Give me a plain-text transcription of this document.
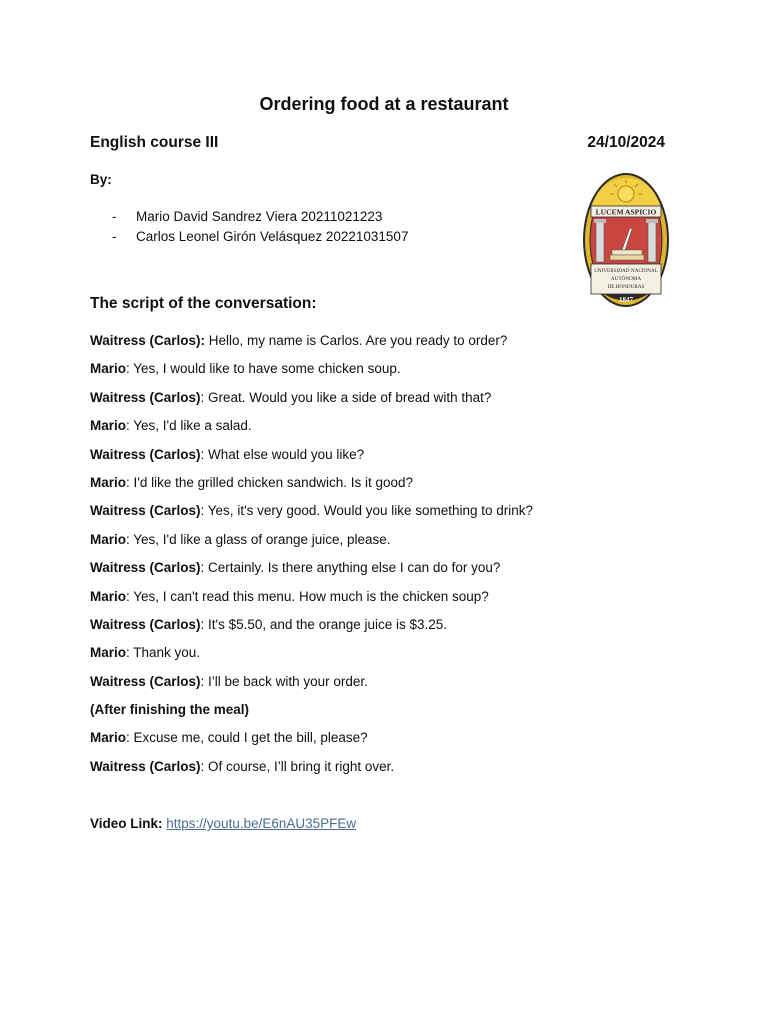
Ordering food at a restaurant
English course III	24/10/2024
By:
- Mario David Sandrez Viera 20211021223
- Carlos Leonel Girón Velásquez 20221031507
LUCEM ASPICIO
UNIVERSIDAD NACIONAL
AUTÓNOMA
DE HONDURAS
1847
The script of the conversation:
Waitress (Carlos): Hello, my name is Carlos. Are you ready to order?
Mario: Yes, I would like to have some chicken soup.
Waitress (Carlos): Great. Would you like a side of bread with that?
Mario: Yes, I'd like a salad.
Waitress (Carlos): What else would you like?
Mario: I'd like the grilled chicken sandwich. Is it good?
Waitress (Carlos): Yes, it's very good. Would you like something to drink?
Mario: Yes, I'd like a glass of orange juice, please.
Waitress (Carlos): Certainly. Is there anything else I can do for you?
Mario: Yes, I can't read this menu. How much is the chicken soup?
Waitress (Carlos): It's $5.50, and the orange juice is $3.25.
Mario: Thank you.
Waitress (Carlos): I’ll be back with your order.
(After finishing the meal)
Mario: Excuse me, could I get the bill, please?
Waitress (Carlos): Of course, I’ll bring it right over.
Video Link: https://youtu.be/E6nAU35PFEw
